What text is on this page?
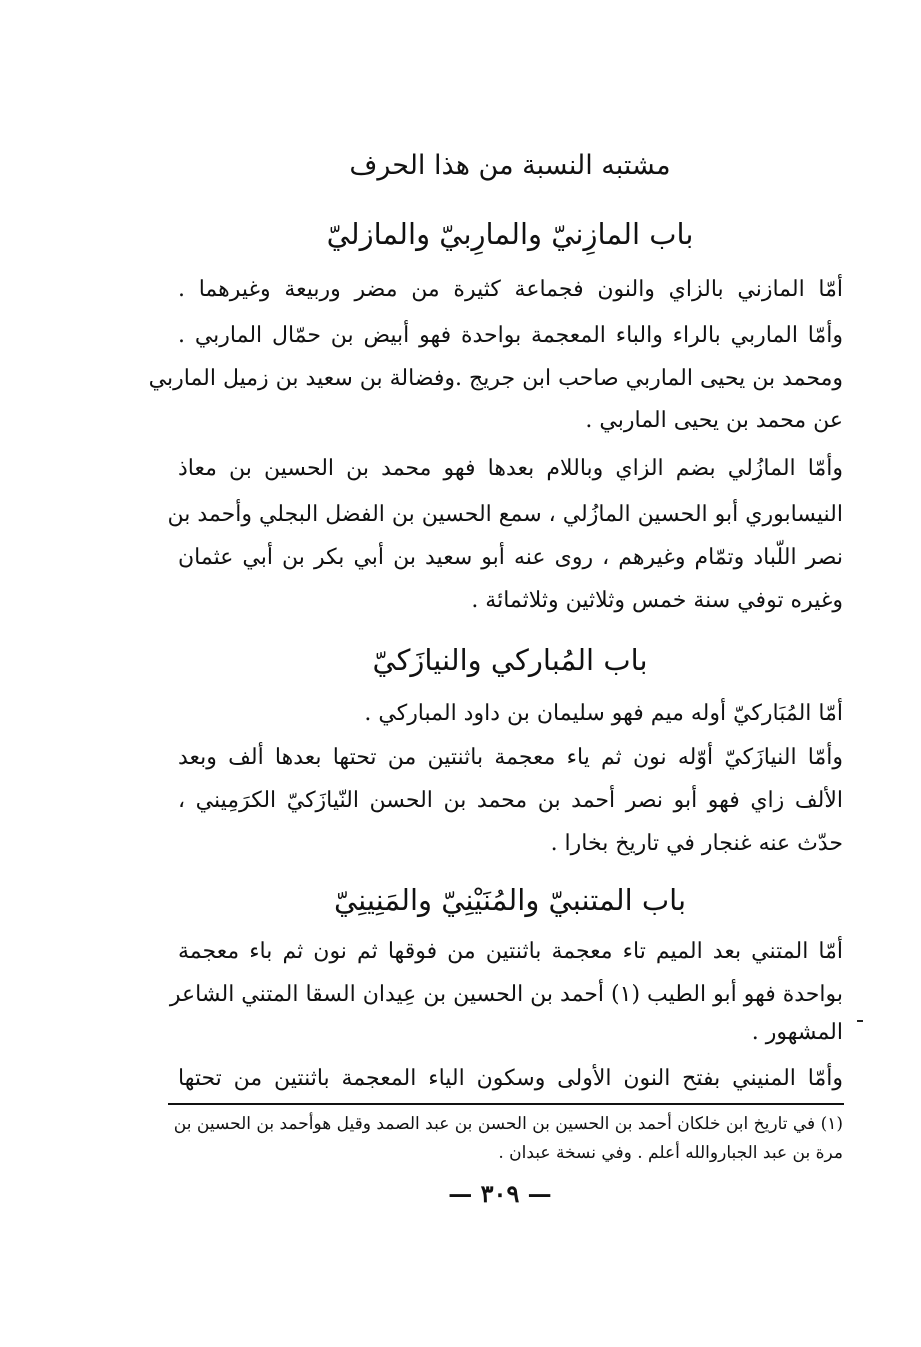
مشتبه النسبة من هذا الحرف
باب المازِنيّ والمارِبيّ والمازليّ
أمّا المازني بالزاي والنون فجماعة كثيرة من مضر وربيعة وغيرهما .
وأمّا الماربي بالراء والباء المعجمة بواحدة فهو أبيض بن حمّال الماربي .
ومحمد بن يحيى الماربي صاحب ابن جريج .وفضالة بن سعيد بن زميل الماربي
عن محمد بن يحيى الماربي .
وأمّا المازُلي بضم الزاي وباللام بعدها فهو محمد بن الحسين بن معاذ
النيسابوري أبو الحسين المازُلي ، سمع الحسين بن الفضل البجلي وأحمد بن
نصر اللّباد وتمّام وغيرهم ، روى عنه أبو سعيد بن أبي بكر بن أبي عثمان
وغيره توفي سنة خمس وثلاثين وثلاثمائة .
باب المُباركي والنيازَكيّ
أمّا المُبَاركيّ أوله ميم فهو سليمان بن داود المباركي .
وأمّا النيازَكيّ أوّله نون ثم ياء معجمة باثنتين من تحتها بعدها ألف وبعد
الألف زاي فهو أبو نصر أحمد بن محمد بن الحسن النّيازَكيّ الكرَمِيني ،
حدّث عنه غنجار في تاريخ بخارا .
باب المتنبيّ والمُنَيْنِيّ والمَنِينِيّ
أمّا المتني بعد الميم تاء معجمة باثنتين من فوقها ثم نون ثم باء معجمة
بواحدة فهو أبو الطيب (١) أحمد بن الحسين بن عِيدان السقا المتني الشاعر
المشهور .
وأمّا المنيني بفتح النون الأولى وسكون الياء المعجمة باثنتين من تحتها
(١) في تاريخ ابن خلكان أحمد بن الحسين بن الحسن بن عبد الصمد وقيل هوأحمد بن الحسين بن
مرة بن عبد الجباروالله أعلم . وفي نسخة عبدان .
— ٣٠٩ —
